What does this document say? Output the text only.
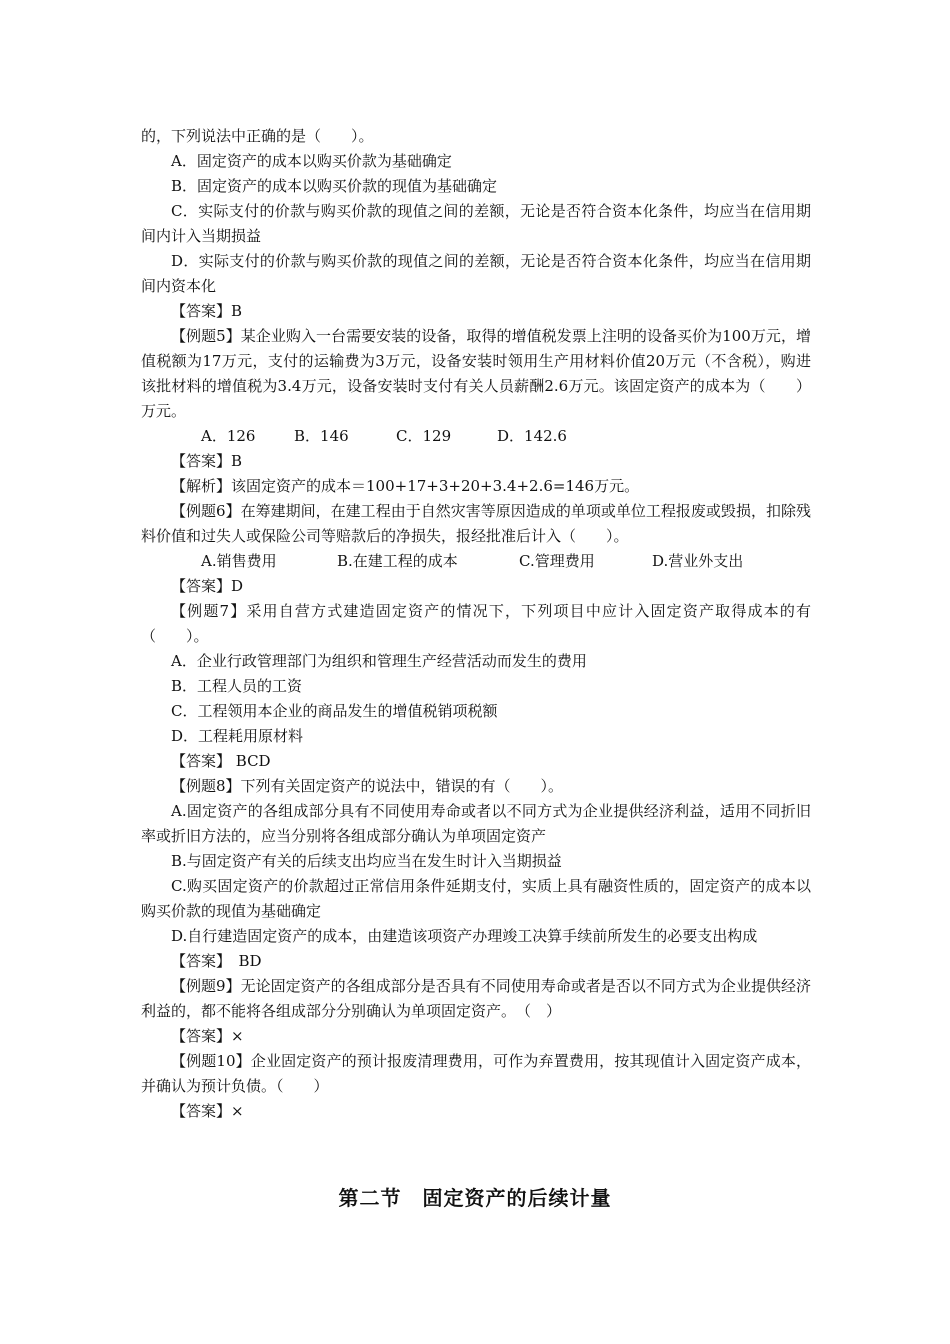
的，下列说法中正确的是（　　）。

A．固定资产的成本以购买价款为基础确定

B．固定资产的成本以购买价款的现值为基础确定

C．实际支付的价款与购买价款的现值之间的差额，无论是否符合资本化条件，均应当在信用期间内计入当期损益

D．实际支付的价款与购买价款的现值之间的差额，无论是否符合资本化条件，均应当在信用期间内资本化

【答案】B

【例题5】某企业购入一台需要安装的设备，取得的增值税发票上注明的设备买价为100万元，增值税额为17万元，支付的运输费为3万元，设备安装时领用生产用材料价值20万元（不含税），购进该批材料的增值税为3.4万元，设备安装时支付有关人员薪酬2.6万元。该固定资产的成本为（　　）万元。

A．126	B．146	C．129	D．142.6

【答案】B

【解析】该固定资产的成本＝100+17+3+20+3.4+2.6=146万元。

【例题6】在筹建期间，在建工程由于自然灾害等原因造成的单项或单位工程报废或毁损，扣除残料价值和过失人或保险公司等赔款后的净损失，报经批准后计入（　　）。

A.销售费用	B.在建工程的成本	C.管理费用	D.营业外支出

【答案】D

【例题7】采用自营方式建造固定资产的情况下，下列项目中应计入固定资产取得成本的有　（　　）。

A．企业行政管理部门为组织和管理生产经营活动而发生的费用

B．工程人员的工资

C．工程领用本企业的商品发生的增值税销项税额

D．工程耗用原材料

【答案】 BCD

【例题8】下列有关固定资产的说法中，错误的有（　　）。

A.固定资产的各组成部分具有不同使用寿命或者以不同方式为企业提供经济利益，适用不同折旧率或折旧方法的，应当分别将各组成部分确认为单项固定资产

B.与固定资产有关的后续支出均应当在发生时计入当期损益

C.购买固定资产的价款超过正常信用条件延期支付，实质上具有融资性质的，固定资产的成本以购买价款的现值为基础确定

D.自行建造固定资产的成本，由建造该项资产办理竣工决算手续前所发生的必要支出构成

【答案】　BD

【例题9】无论固定资产的各组成部分是否具有不同使用寿命或者是否以不同方式为企业提供经济利益的，都不能将各组成部分分别确认为单项固定资产。　（　）

【答案】×

【例题10】企业固定资产的预计报废清理费用，可作为弃置费用，按其现值计入固定资产成本，并确认为预计负债。（　　）

【答案】×

第二节　固定资产的后续计量
